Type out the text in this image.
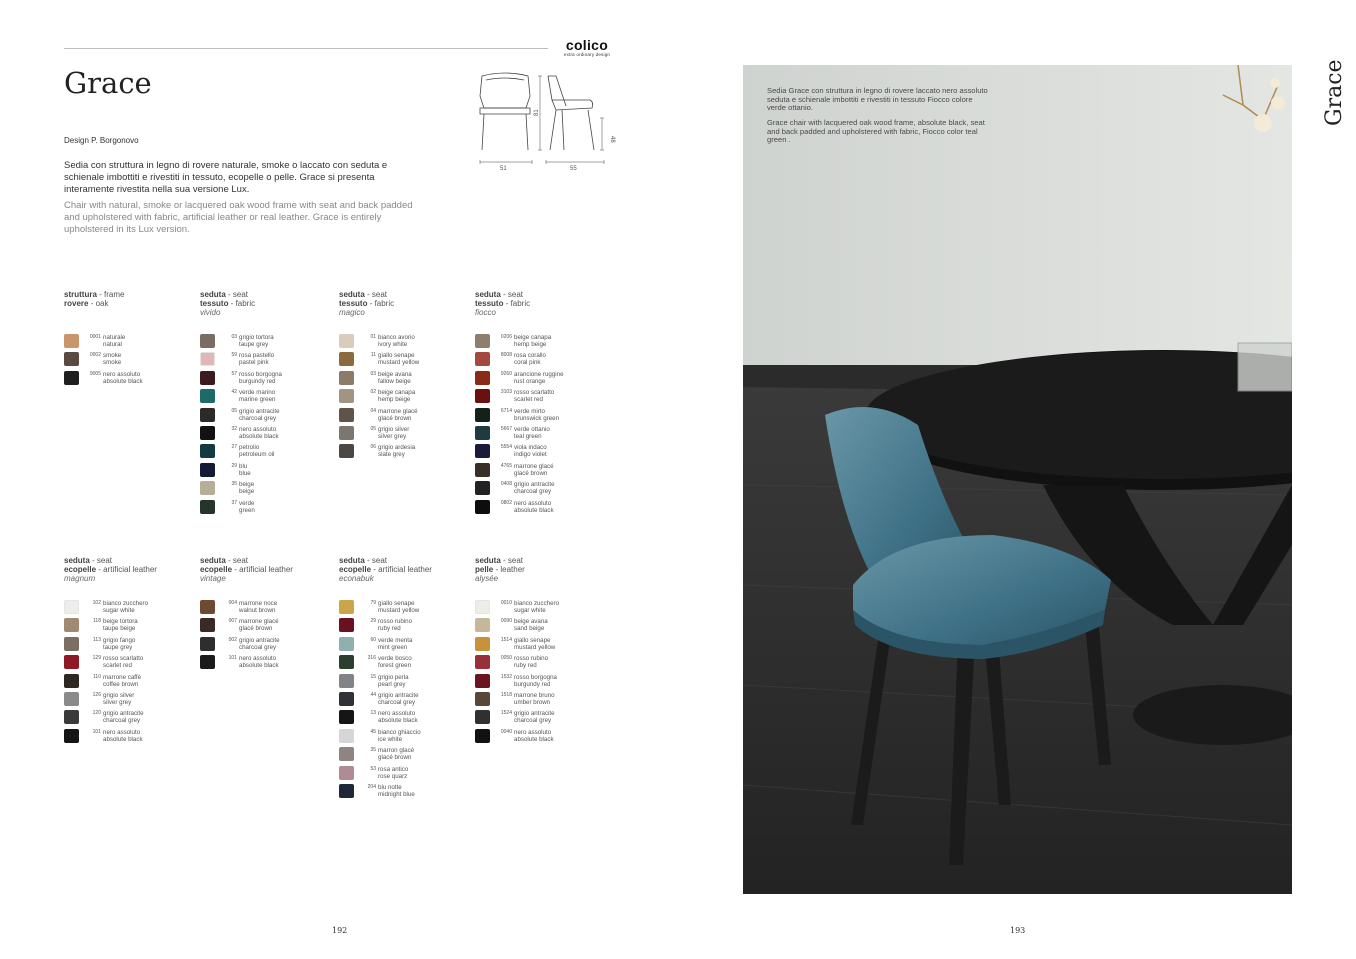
colico
extra ordinary design
Grace
Design P. Borgonovo

Sedia con struttura in legno di rovere naturale, smoke o laccato con seduta e schienale imbottiti e rivestiti in tessuto, ecopelle o pelle. Grace si presenta interamente rivestita nella sua versione Lux.

Chair with natural, smoke or lacquered oak wood frame with seat and back padded and upholstered with fabric, artificial leather or real leather. Grace is entirely upholstered in its Lux version.

81
48
51	55
struttura - frame
rovere - oak
0001 naturale
natural
0002 smoke
smoke
9005 nero assoluto
absolute black
seduta - seat
tessuto - fabric
vivido
03 grigio tortora
taupe grey
59 rosa pastello
pastel pink
57 rosso borgogna
burgundy red
42 verde marino
marine green
05 grigio antracite
charcoal grey
32 nero assoluto
absolute black
27 petrolio
petroleum oil
29 blu
blue
35 beige
beige
37 verde
green
seduta - seat
tessuto - fabric
magico
01 bianco avorio
ivory white
11 giallo senape
mustard yellow
03 beige avana
fallow beige
02 beige canapa
hemp beige
04 marrone glacé
glacé brown
05 grigio silver
silver grey
06 grigio ardesia
slate grey
seduta - seat
tessuto - fabric
fiocco
0206 beige canapa
hemp beige
8008 rosa corallo
coral pink
9260 arancione ruggine
rust orange
3103 rosso scarlatto
scarlet red
6714 verde mirto
brunswick green
5667 verde ottanio
teal green
5554 viola indaco
indigo violet
4765 marrone glacé
glacé brown
0408 grigio antracite
charcoal grey
0802 nero assoluto
absolute black
seduta - seat
ecopelle - artificial leather
magnum
102 bianco zucchero
sugar white
118 beige tortora
taupe beige
113 grigio fango
taupe grey
129 rosso scarlatto
scarlet red
110 marrone caffè
coffee brown
126 grigio silver
silver grey
120 grigio antracite
charcoal grey
101 nero assoluto
absolute black
seduta - seat
ecopelle - artificial leather
vintage
004 marrone noce
walnut brown
007 marrone glacé
glacé brown
002 grigio antracite
charcoal grey
101 nero assoluto
absolute black
seduta - seat
ecopelle - artificial leather
econabuk
79 giallo senape
mustard yellow
29 rosso rubino
ruby red
60 verde menta
mint green
316 verde bosco
forest green
15 grigio perla
pearl grey
44 grigio antracite
charcoal grey
13 nero assoluto
absolute black
45 bianco ghiaccio
ice white
35 marron glacé
glacé brown
53 rosa antico
rose quarz
204 blu notte
midnight blue
seduta - seat
pelle - leather
alysée
0010 bianco zucchero
sugar white
0090 beige avana
sand beige
1514 giallo senape
mustard yellow
0050 rosso rubino
ruby red
1532 rosso borgogna
burgundy red
1518 marrone bruno
umber brown
1524 grigio antracite
charcoal grey
0040 nero assoluto
absolute black
192

Sedia Grace con struttura in legno di rovere laccato nero assoluto seduta e schienale imbottiti e rivestiti in tessuto Fiocco colore verde ottanio.

Grace chair with lacquered oak wood frame, absolute black, seat and back padded and upholstered with fabric, Fiocco color teal green .

Grace
193
